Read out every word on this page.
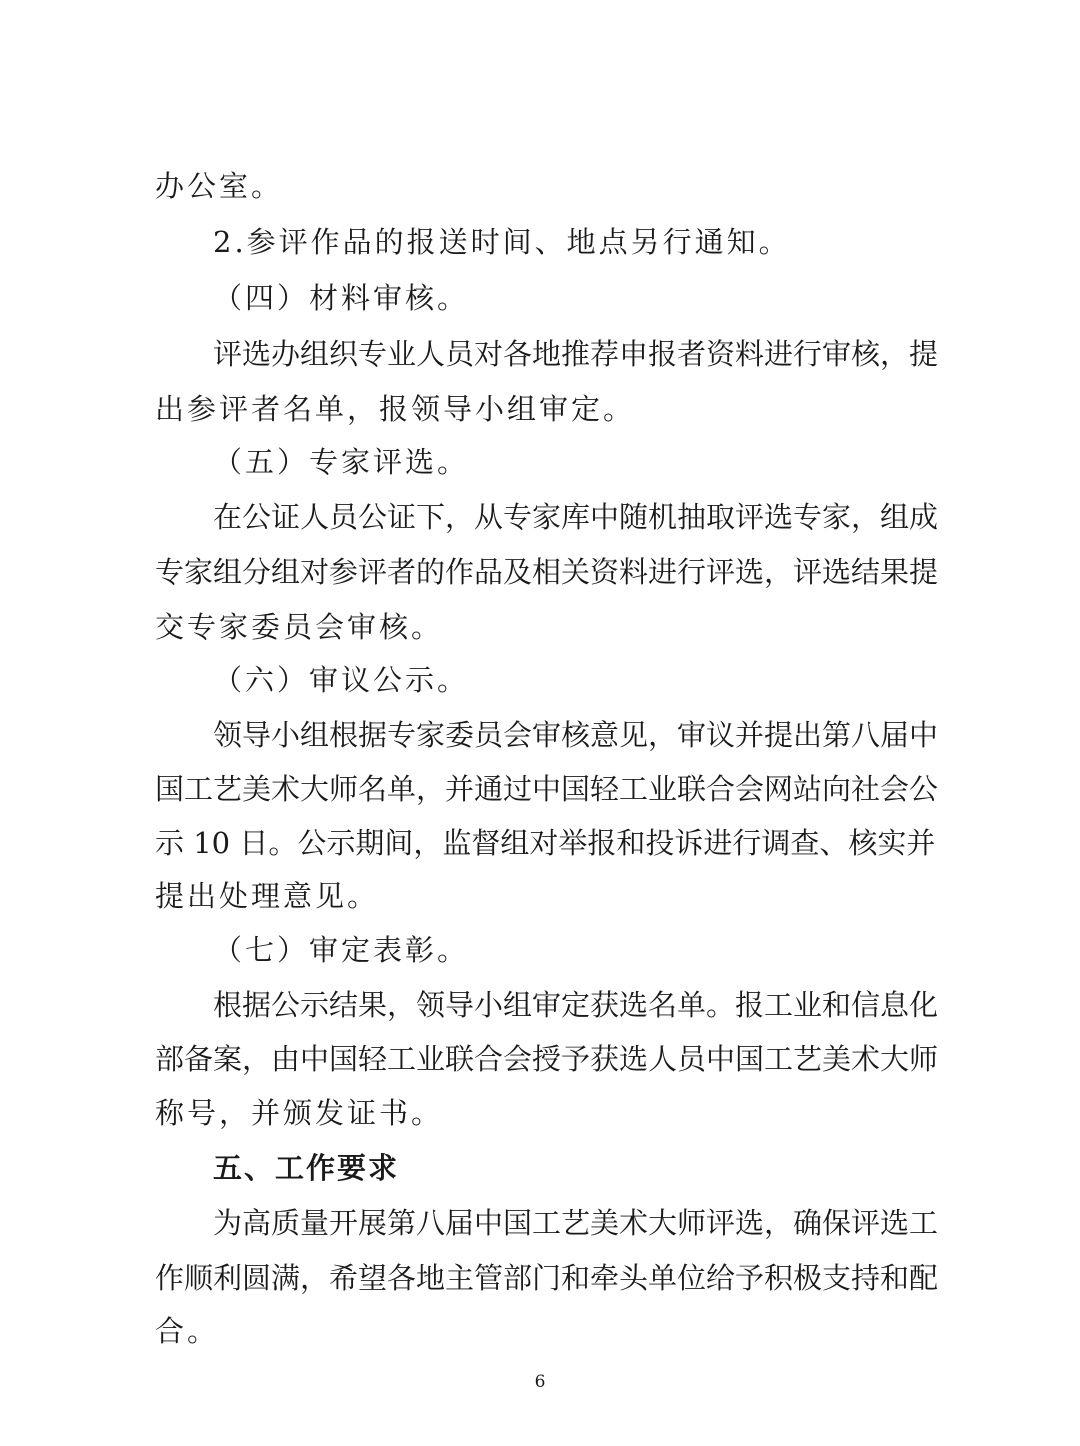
办公室。
2.参评作品的报送时间、地点另行通知。
（四）材料审核。
评选办组织专业人员对各地推荐申报者资料进行审核，提
出参评者名单，报领导小组审定。
（五）专家评选。
在公证人员公证下，从专家库中随机抽取评选专家，组成
专家组分组对参评者的作品及相关资料进行评选，评选结果提
交专家委员会审核。
（六）审议公示。
领导小组根据专家委员会审核意见，审议并提出第八届中
国工艺美术大师名单，并通过中国轻工业联合会网站向社会公
示 10 日。公示期间，监督组对举报和投诉进行调查、核实并
提出处理意见。
（七）审定表彰。
根据公示结果，领导小组审定获选名单。报工业和信息化
部备案，由中国轻工业联合会授予获选人员中国工艺美术大师
称号，并颁发证书。
五、工作要求
为高质量开展第八届中国工艺美术大师评选，确保评选工
作顺利圆满，希望各地主管部门和牵头单位给予积极支持和配
合。
6
